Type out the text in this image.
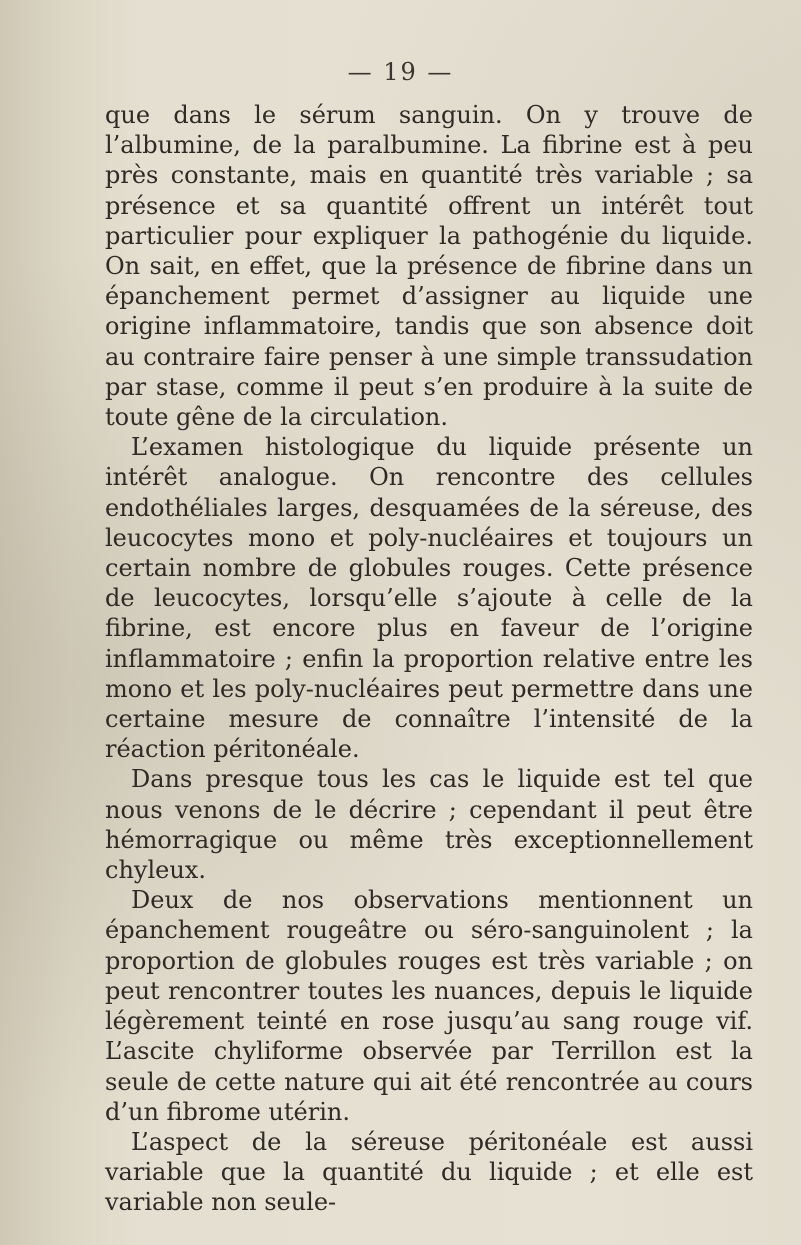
— 19 —

que dans le sérum sanguin. On y trouve de l’albumine, de la paralbumine. La fibrine est à peu près constante, mais en quantité très variable ; sa présence et sa quantité offrent un intérêt tout particulier pour expliquer la pathogénie du liquide. On sait, en effet, que la présence de fibrine dans un épanchement permet d’assigner au liquide une origine inflammatoire, tandis que son absence doit au contraire faire penser à une simple transsudation par stase, comme il peut s’en produire à la suite de toute gêne de la circulation.

L’examen histologique du liquide présente un intérêt analogue. On rencontre des cellules endothéliales larges, desquamées de la séreuse, des leucocytes mono et poly-nucléaires et toujours un certain nombre de globules rouges. Cette présence de leucocytes, lorsqu’elle s’ajoute à celle de la fibrine, est encore plus en faveur de l’origine inflammatoire ; enfin la proportion relative entre les mono et les poly-nucléaires peut permettre dans une certaine mesure de connaître l’intensité de la réaction péritonéale.

Dans presque tous les cas le liquide est tel que nous venons de le décrire ; cependant il peut être hémorragique ou même très exceptionnellement chyleux.

Deux de nos observations mentionnent un épanchement rougeâtre ou séro-sanguinolent ; la proportion de globules rouges est très variable ; on peut rencontrer toutes les nuances, depuis le liquide légèrement teinté en rose jusqu’au sang rouge vif. L’ascite chyliforme observée par Terrillon est la seule de cette nature qui ait été rencontrée au cours d’un fibrome utérin.

L’aspect de la séreuse péritonéale est aussi variable que la quantité du liquide ; et elle est variable non seule-
